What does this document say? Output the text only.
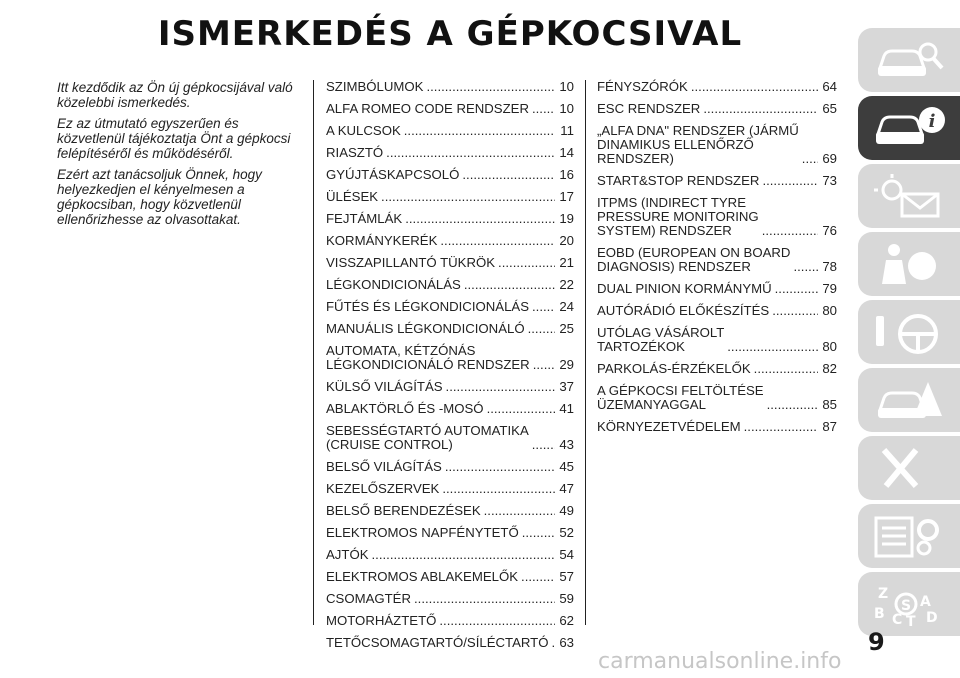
ISMERKEDÉS A GÉPKOCSIVAL

Itt kezdődik az Ön új gépkocsijával való közelebbi ismerkedés.

Ez az útmutató egyszerűen és közvetlenül tájékoztatja Önt a gépkocsi felépítéséről és működéséről.

Ezért azt tanácsoljuk Önnek, hogy helyezkedjen el kényelmesen a gépkocsiban, hogy közvetlenül ellenőrizhesse az olvasottakat.

SZIMBÓLUMOK .....	10
ALFA ROMEO CODE RENDSZER ..... 10
A KULCSOK .....	11
RIASZTÓ .....	14
GYÚJTÁSKAPCSOLÓ .....	16
ÜLÉSEK .....	17
FEJTÁMLÁK .....	19
KORMÁNYKERÉK .....	20
VISSZAPILLANTÓ TÜKRÖK .....	21
LÉGKONDICIONÁLÁS .....	22
FŰTÉS ÉS LÉGKONDICIONÁLÁS ..... 24
MANUÁLIS LÉGKONDICIONÁLÓ .....	25
AUTOMATA, KÉTZÓNÁS
LÉGKONDICIONÁLÓ RENDSZER ..... 29
KÜLSŐ VILÁGÍTÁS .....	37
ABLAKTÖRLŐ ÉS -MOSÓ .....	41
SEBESSÉGTARTÓ AUTOMATIKA
(CRUISE CONTROL) .....	43
BELSŐ VILÁGÍTÁS .....	45
KEZELŐSZERVEK .....	47
BELSŐ BERENDEZÉSEK .....	49
ELEKTROMOS NAPFÉNYTETŐ .....	52
AJTÓK .....	54
ELEKTROMOS ABLAKEMELŐK .....	57
CSOMAGTÉR .....	59
MOTORHÁZTETŐ .....	62
TETŐCSOMAGTARTÓ/SÍLÉCTARTÓ ..... 63
FÉNYSZÓRÓK .....	64
ESC RENDSZER .....	65
„ALFA DNA" RENDSZER (JÁRMŰ
DINAMIKUS ELLENŐRZŐ
RENDSZER) .....	69
START&STOP RENDSZER .....	73
ITPMS (INDIRECT TYRE
PRESSURE MONITORING
SYSTEM) RENDSZER .....	76
EOBD (EUROPEAN ON BOARD
DIAGNOSIS) RENDSZER .....	78
DUAL PINION KORMÁNYMŰ .....	79
AUTÓRÁDIÓ ELŐKÉSZÍTÉS .....	80
UTÓLAG VÁSÁROLT
TARTOZÉKOK .....	80
PARKOLÁS-ÉRZÉKELŐK .....	82
A GÉPKOCSI FELTÖLTÉSE
ÜZEMANYAGGAL .....	85
KÖRNYEZETVÉDELEM .....	87
i
Z
B C T
A
D
S
9
carmanualsonline.info
